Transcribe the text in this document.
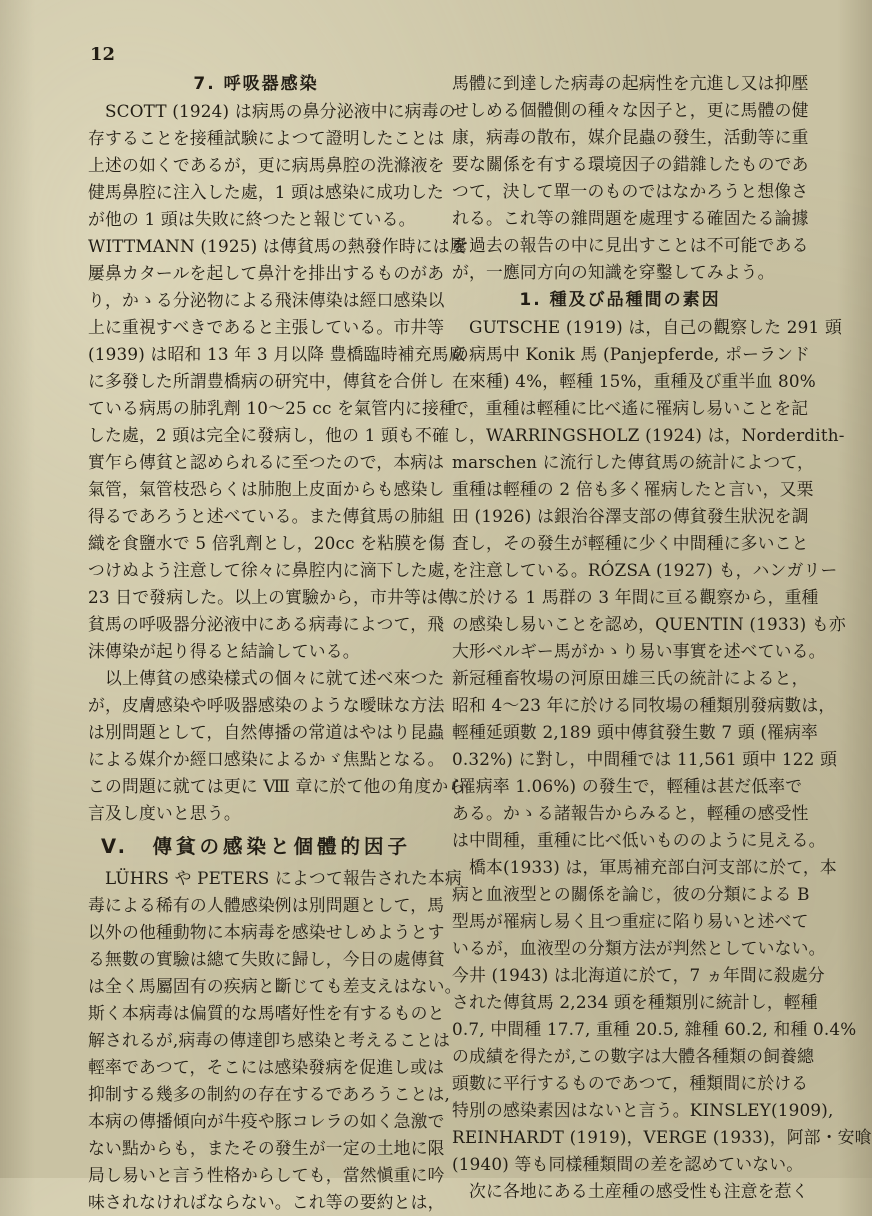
12
7. 呼吸器感染
　SCOTT (1924) は病馬の鼻分泌液中に病毒の
存することを接種試験によつて證明したことは
上述の如くであるが，更に病馬鼻腔の洗滌液を
健馬鼻腔に注入した處，1 頭は感染に成功した
が他の 1 頭は失敗に終つたと報じている。
WITTMANN (1925) は傳貧馬の熱發作時には屢
屢鼻カタールを起して鼻汁を排出するものがあ
り，かゝる分泌物による飛沫傳染は經口感染以
上に重視すべきであると主張している。市井等
(1939) は昭和 13 年 3 月以降 豊橋臨時補充馬廠
に多發した所謂豊橋病の研究中，傳貧を合併し
ている病馬の肺乳劑 10～25 cc を氣管内に接種
した處，2 頭は完全に發病し，他の 1 頭も不確
實乍ら傳貧と認められるに至つたので，本病は
氣管，氣管枝恐らくは肺胞上皮面からも感染し
得るであろうと述べている。また傳貧馬の肺組
織を食鹽水で 5 倍乳劑とし，20cc を粘膜を傷
つけぬよう注意して徐々に鼻腔内に滴下した處，
23 日で發病した。以上の實驗から，市井等は傳
貧馬の呼吸器分泌液中にある病毒によつて，飛
沫傳染が起り得ると結論している。
　以上傳貧の感染樣式の個々に就て述べ來つた
が，皮膚感染や呼吸器感染のような曖昧な方法
は別問題として，自然傳播の常道はやはり昆蟲
による媒介か經口感染によるかゞ焦點となる。
この問題に就ては更に Ⅷ 章に於て他の角度から
言及し度いと思う。
V.　傳貧の感染と個體的因子
　LÜHRS や PETERS によつて報告された本病
毒による稀有の人體感染例は別問題として，馬
以外の他種動物に本病毒を感染せしめようとす
る無數の實驗は總て失敗に歸し，今日の處傳貧
は全く馬屬固有の疾病と斷じても差支えはない。
斯く本病毒は偏質的な馬嗜好性を有するものと
解されるが,病毒の傳達卽ち感染と考えることは
輕率であつて，そこには感染發病を促進し或は
抑制する幾多の制約の存在するであろうことは,
本病の傳播傾向が牛疫や豚コレラの如く急激で
ない點からも，またその發生が一定の土地に限
局し易いと言う性格からしても，當然愼重に吟
味されなければならない。これ等の要約とは，
馬體に到達した病毒の起病性を亢進し又は抑壓
せしめる個體側の種々な因子と，更に馬體の健
康，病毒の散布，媒介昆蟲の發生，活動等に重
要な關係を有する環境因子の錯雜したものであ
つて，決して單一のものではなかろうと想像さ
れる。これ等の雜問題を處理する確固たる論據
を過去の報告の中に見出すことは不可能である
が，一應同方向の知識を穿鑿してみよう。
1. 種及び品種間の素因
　GUTSCHE (1919) は，自己の觀察した 291 頭
の病馬中 Konik 馬 (Panjepferde, ポーランド
在來種) 4%，輕種 15%，重種及び重半血 80%
で，重種は輕種に比べ遙に罹病し易いことを記
し，WARRINGSHOLZ (1924) は，Norderdith-
marschen に流行した傳貧馬の統計によつて，
重種は輕種の 2 倍も多く罹病したと言い，又栗
田 (1926) は銀治谷澤支部の傳貧發生狀況を調
査し，その發生が輕種に少く中間種に多いこと
を注意している。RÓZSA (1927) も，ハンガリー
に於ける 1 馬群の 3 年間に亘る觀察から，重種
の感染し易いことを認め，QUENTIN (1933) も亦
大形ベルギー馬がかゝり易い事實を述べている。
新冠種畜牧場の河原田雄三氏の統計によると，
昭和 4～23 年に於ける同牧場の種類別發病數は，
輕種延頭數 2,189 頭中傳貧發生數 7 頭 (罹病率
0.32%) に對し，中間種では 11,561 頭中 122 頭
(罹病率 1.06%) の發生で，輕種は甚だ低率で
ある。かゝる諸報告からみると，輕種の感受性
は中間種，重種に比べ低いもののように見える。
　橋本(1933) は，軍馬補充部白河支部に於て，本
病と血液型との關係を論じ，彼の分類による B
型馬が罹病し易く且つ重症に陷り易いと述べて
いるが，血液型の分類方法が判然としていない。
今井 (1943) は北海道に於て，7 ヵ年間に殺處分
された傳貧馬 2,234 頭を種類別に統計し，輕種
0.7, 中間種 17.7, 重種 20.5, 雜種 60.2, 和種 0.4%
の成績を得たが,この數字は大體各種類の飼養總
頭數に平行するものであつて，種類間に於ける
特別の感染素因はないと言う。KINSLEY(1909),
REINHARDT (1919)，VERGE (1933)，阿部・安喰
(1940) 等も同樣種類間の差を認めていない。
　次に各地にある土産種の感受性も注意を惹く
